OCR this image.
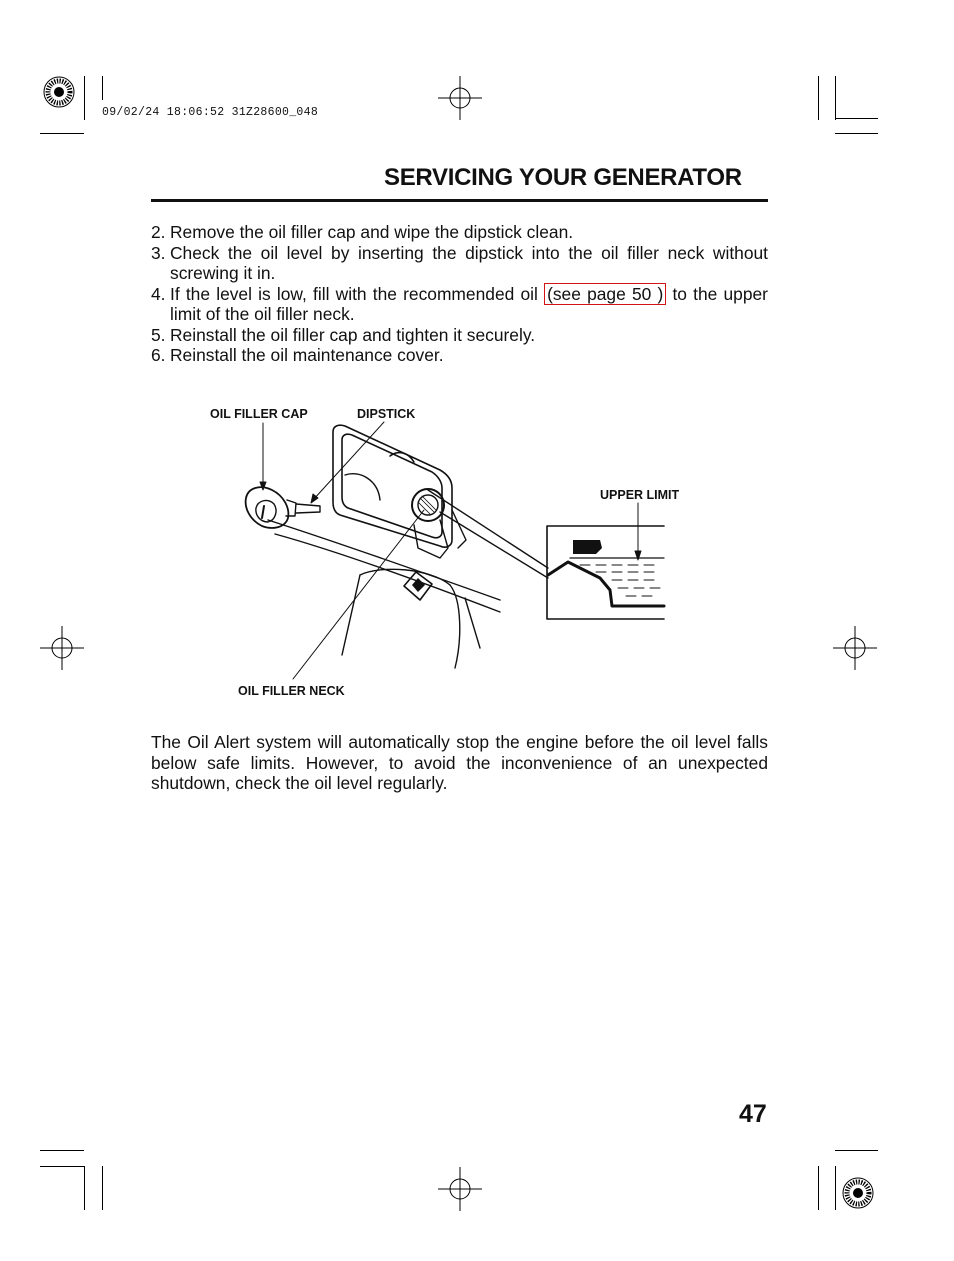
09/02/24 18:06:52 31Z28600_048
SERVICING YOUR GENERATOR
2. Remove the oil filler cap and wipe the dipstick clean.
3. Check the oil level by inserting the dipstick into the oil filler neck without screwing it in.
4. If the level is low, fill with the recommended oil (see page 50 ) to the upper limit of the oil filler neck.
5. Reinstall the oil filler cap and tighten it securely.
6. Reinstall the oil maintenance cover.
OIL FILLER CAP	DIPSTICK
UPPER LIMIT
OIL FILLER NECK

The Oil Alert system will automatically stop the engine before the oil level falls below safe limits. However, to avoid the inconvenience of an unexpected shutdown, check the oil level regularly.

47
